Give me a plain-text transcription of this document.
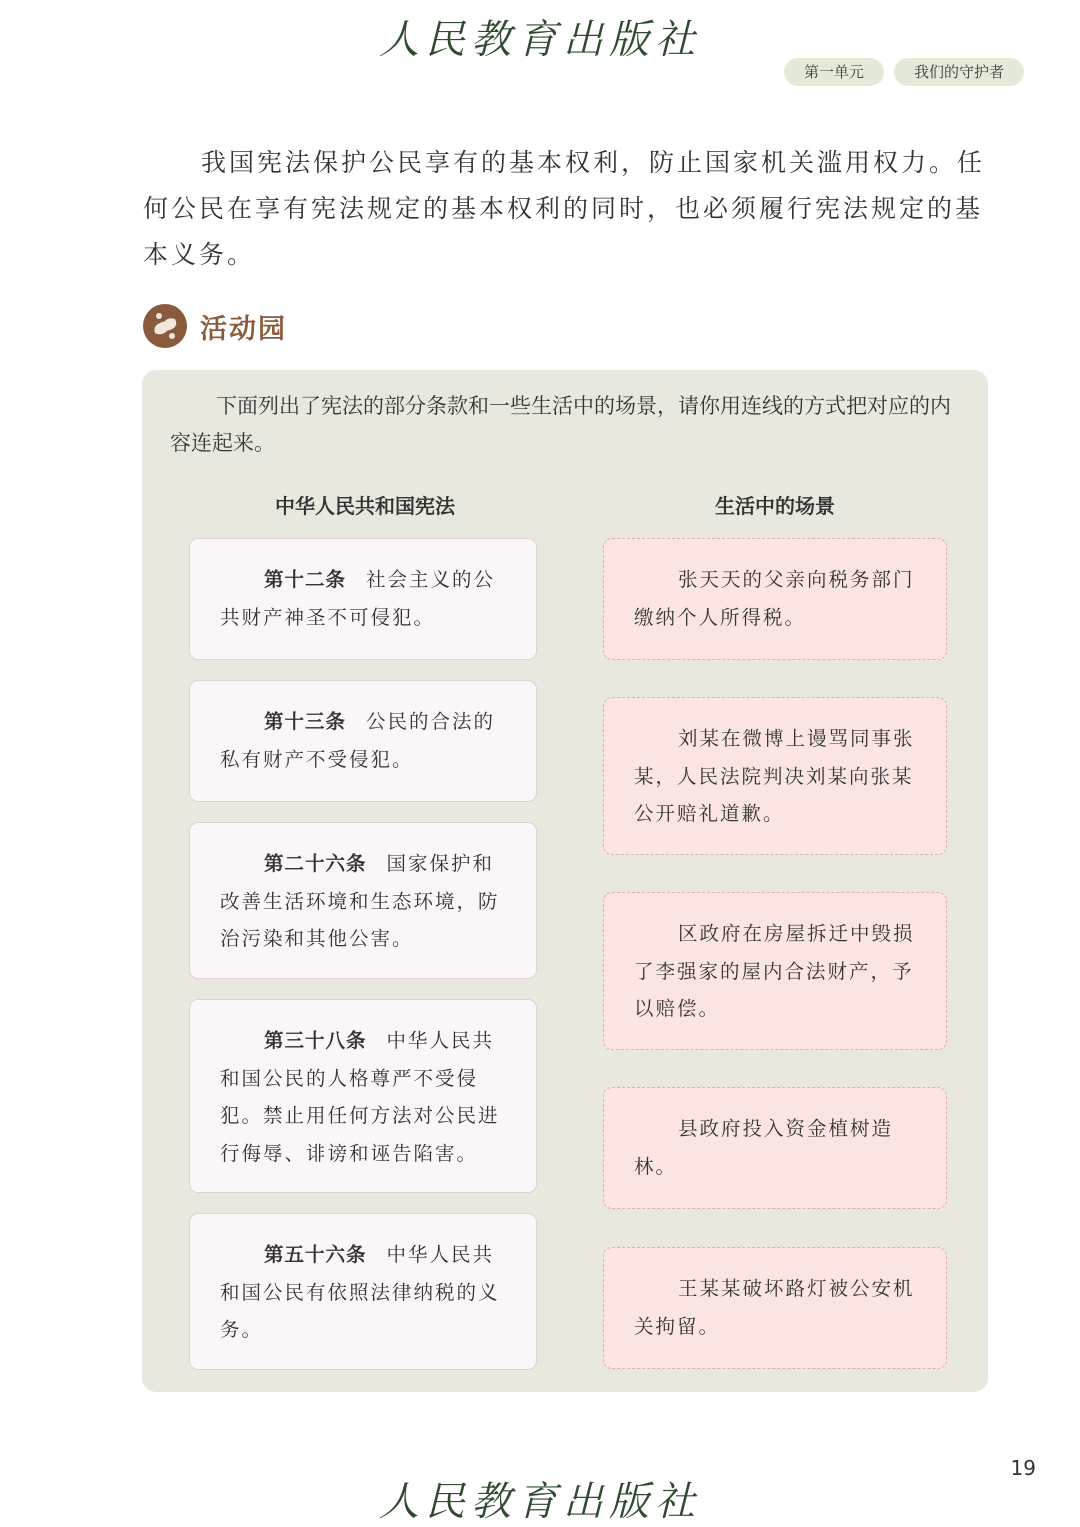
人民教育出版社
第一单元	我们的守护者

我国宪法保护公民享有的基本权利，防止国家机关滥用权力。任何公民在享有宪法规定的基本权利的同时，也必须履行宪法规定的基本义务。

活动园

下面列出了宪法的部分条款和一些生活中的场景，请你用连线的方式把对应的内容连起来。

中华人民共和国宪法	生活中的场景
第十二条 社会主义的公共财产神圣不可侵犯。
第十三条 公民的合法的私有财产不受侵犯。
第二十六条 国家保护和改善生活环境和生态环境，防治污染和其他公害。
第三十八条 中华人民共和国公民的人格尊严不受侵犯。禁止用任何方法对公民进行侮辱、诽谤和诬告陷害。
第五十六条 中华人民共和国公民有依照法律纳税的义务。
张天天的父亲向税务部门缴纳个人所得税。
刘某在微博上谩骂同事张某，人民法院判决刘某向张某公开赔礼道歉。
区政府在房屋拆迁中毁损了李强家的屋内合法财产，予以赔偿。
县政府投入资金植树造林。
王某某破坏路灯被公安机关拘留。
19
人民教育出版社
